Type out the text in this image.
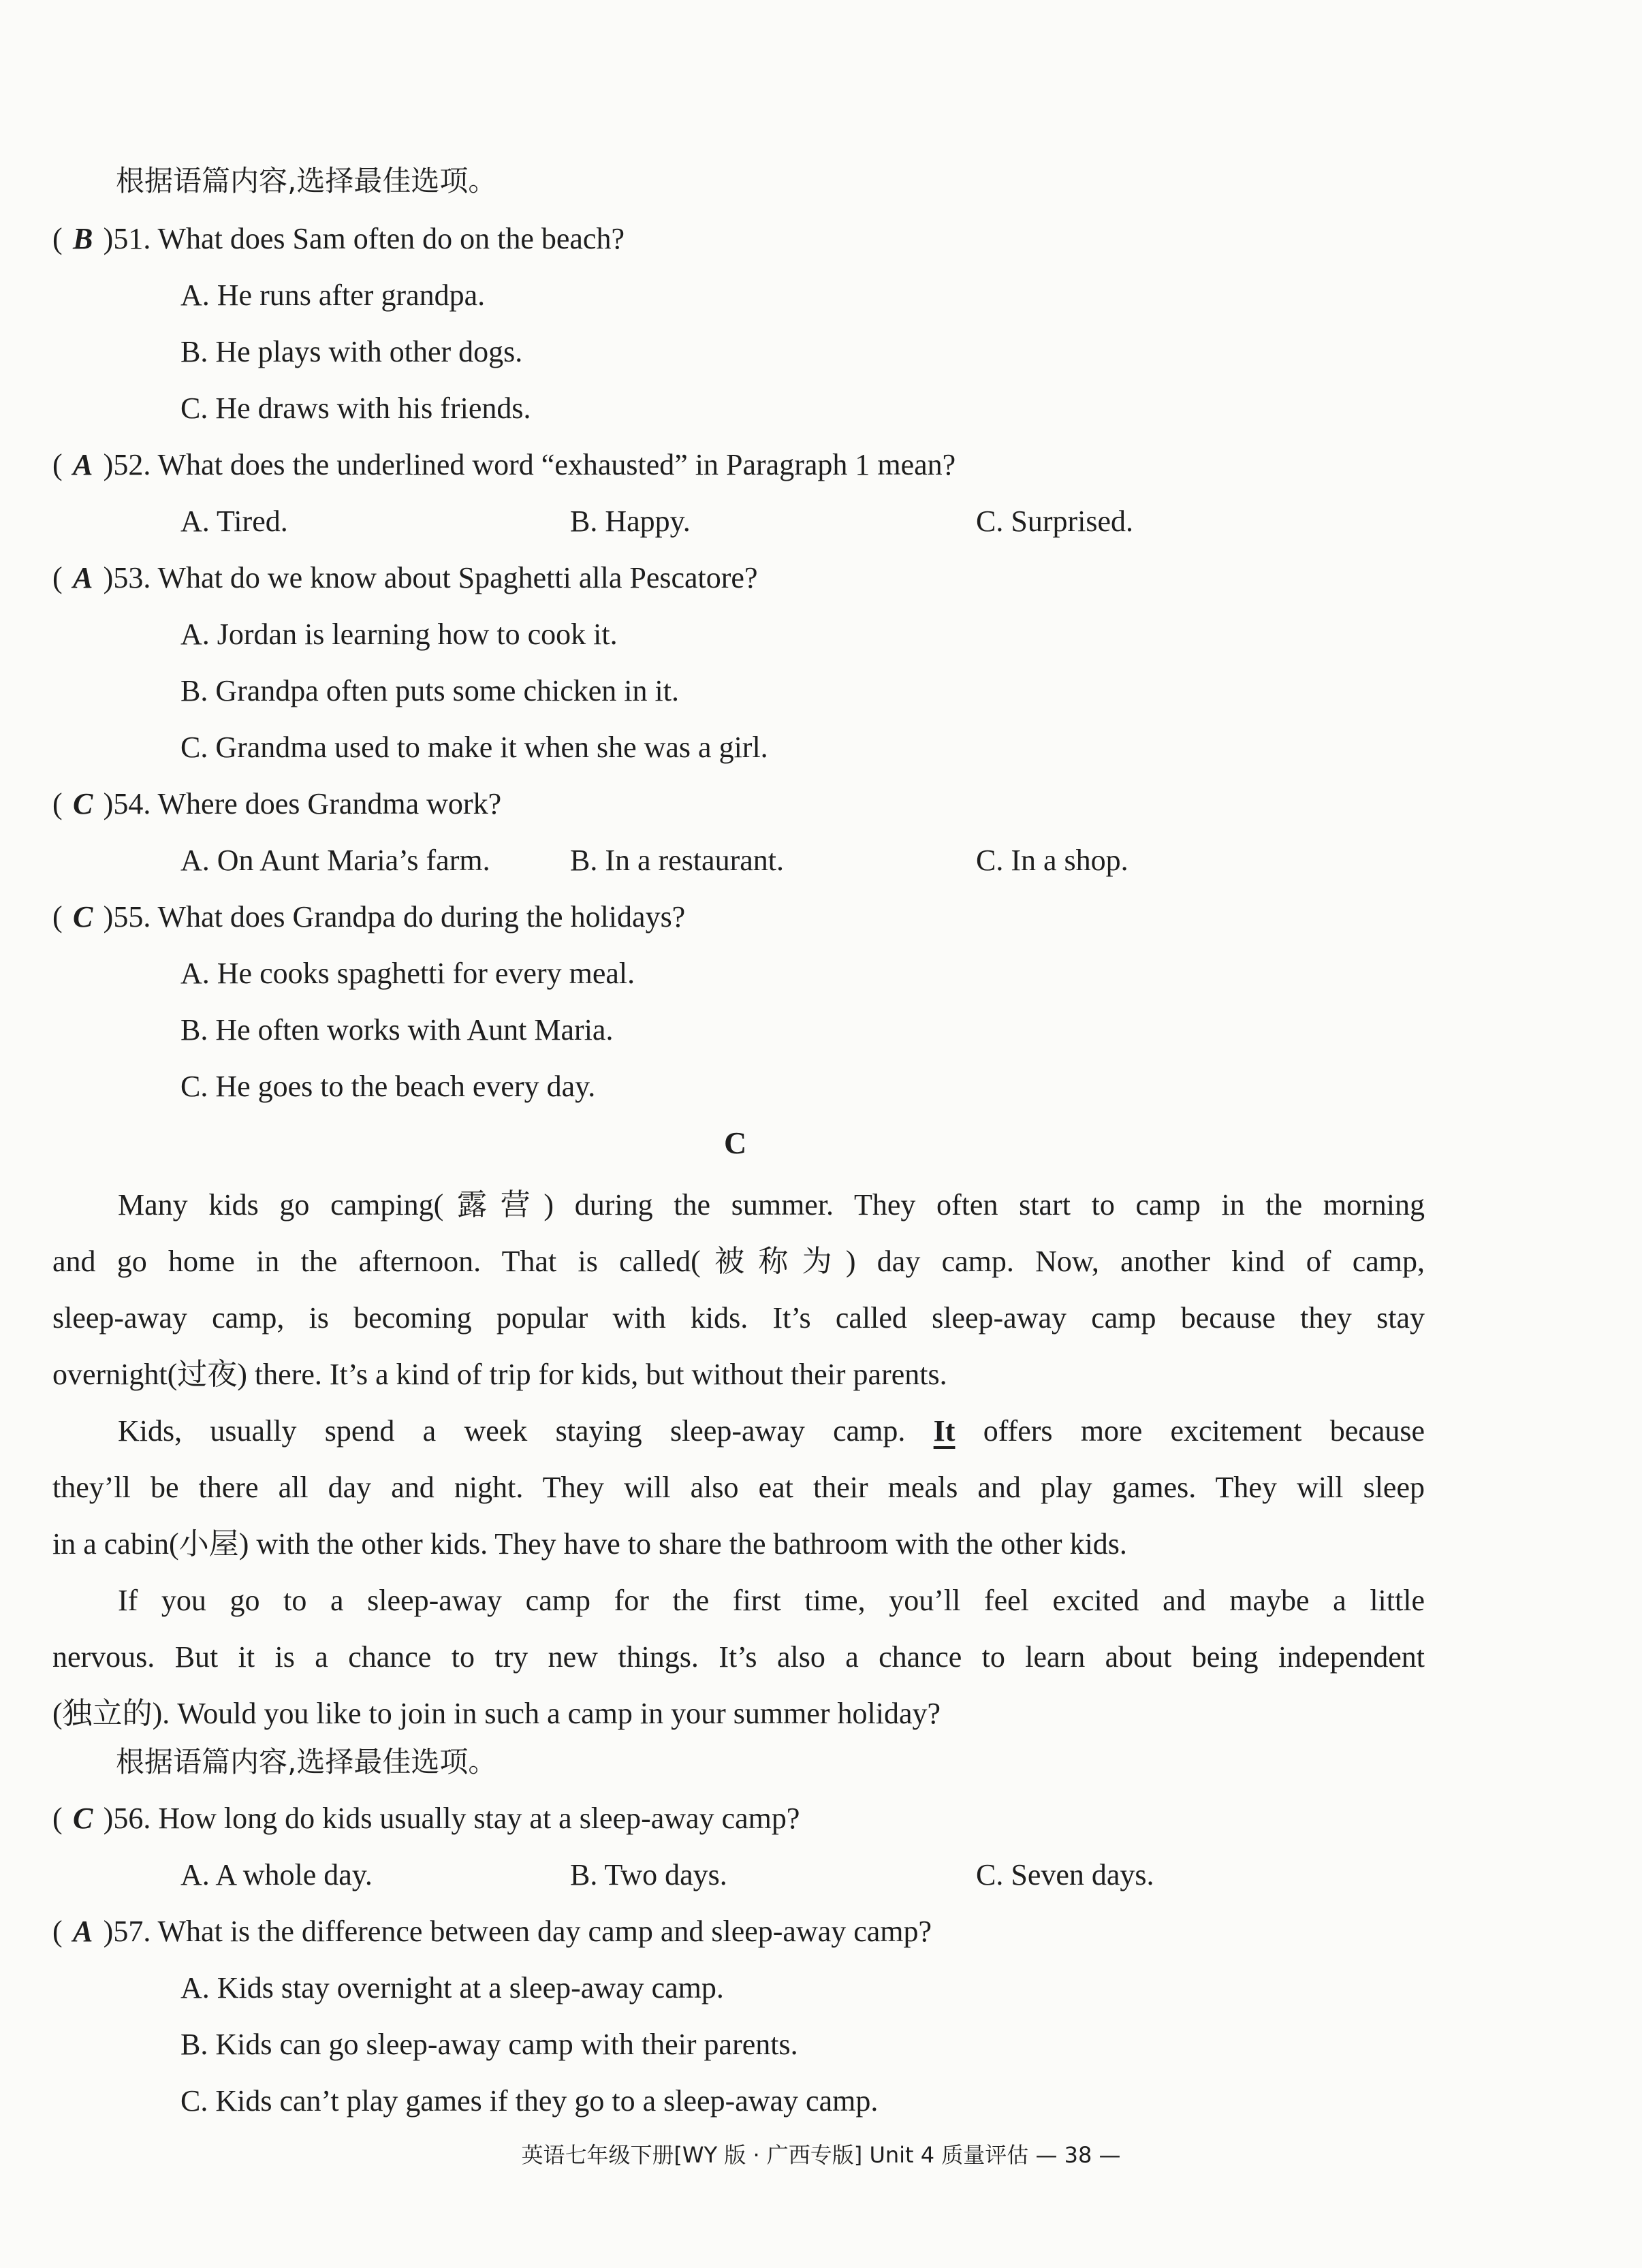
根据语篇内容,选择最佳选项。
( B )51. What does Sam often do on the beach?
A. He runs after grandpa.
B. He plays with other dogs.
C. He draws with his friends.
( A )52. What does the underlined word “exhausted” in Paragraph 1 mean?
A. Tired.	B. Happy.	C. Surprised.
( A )53. What do we know about Spaghetti alla Pescatore?
A. Jordan is learning how to cook it.
B. Grandpa often puts some chicken in it.
C. Grandma used to make it when she was a girl.
( C )54. Where does Grandma work?
A. On Aunt Maria’s farm.	B. In a restaurant.	C. In a shop.
( C )55. What does Grandpa do during the holidays?
A. He cooks spaghetti for every meal.
B. He often works with Aunt Maria.
C. He goes to the beach every day.
C
Many kids go camping(露营) during the summer. They often start to camp in the morning
and go home in the afternoon. That is called(被称为) day camp. Now, another kind of camp,
sleep-away camp, is becoming popular with kids. It’s called sleep-away camp because they stay
overnight(过夜) there. It’s a kind of trip for kids, but without their parents.
Kids, usually spend a week staying sleep-away camp. It offers more excitement because
they’ll be there all day and night. They will also eat their meals and play games. They will sleep
in a cabin(小屋) with the other kids. They have to share the bathroom with the other kids.
If you go to a sleep-away camp for the first time, you’ll feel excited and maybe a little
nervous. But it is a chance to try new things. It’s also a chance to learn about being independent
(独立的). Would you like to join in such a camp in your summer holiday?
根据语篇内容,选择最佳选项。
( C )56. How long do kids usually stay at a sleep-away camp?
A. A whole day.	B. Two days.	C. Seven days.
( A )57. What is the difference between day camp and sleep-away camp?
A. Kids stay overnight at a sleep-away camp.
B. Kids can go sleep-away camp with their parents.
C. Kids can’t play games if they go to a sleep-away camp.
英语七年级下册[WY 版 · 广西专版] Unit 4 质量评估 — 38 —
